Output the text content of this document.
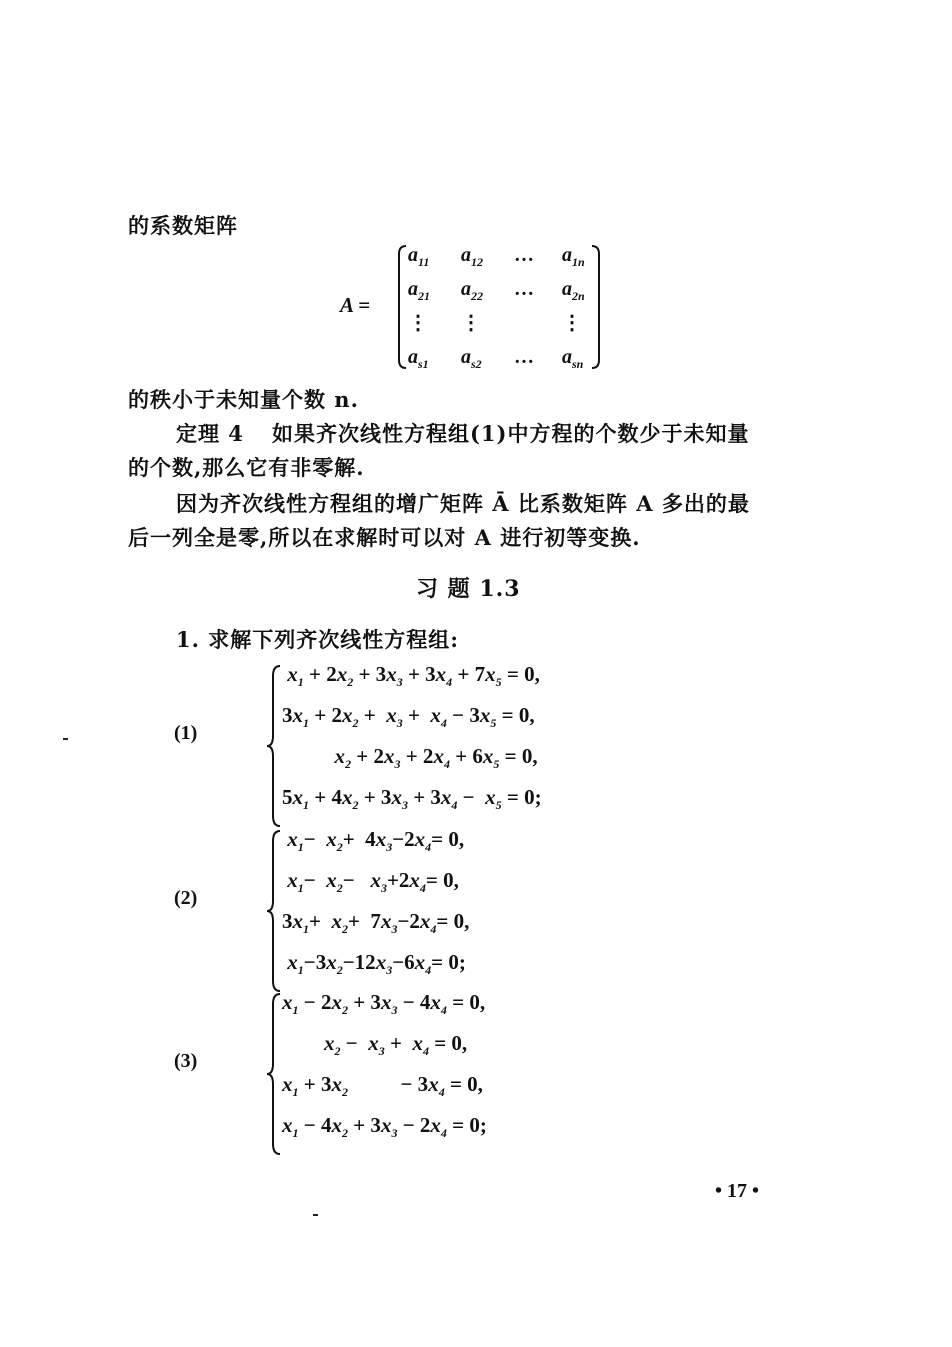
的系数矩阵
A =
$a_{11}$ $a_{12}$ … $a_{1n}$
$a_{21}$ $a_{22}$ … $a_{2n}$
⋮ ⋮	⋮
$a_{s1}$ $a_{s2}$ … $a_{sn}$
的秩小于未知量个数 n.
定理 4 如果齐次线性方程组(1)中方程的个数少于未知量
的个数,那么它有非零解.
因为齐次线性方程组的增广矩阵 Ā 比系数矩阵 A 多出的最
后一列全是零,所以在求解时可以对 A 进行初等变换.
习 题 1.3
1. 求解下列齐次线性方程组:
(1)
$x_1 + 2x_2 + 3x_3 + 3x_4 + 7x_5 = 0$,
$3x_1 + 2x_2 + x_3 + x_4 - 3x_5 = 0$,
$x_2 + 2x_3 + 2x_4 + 6x_5 = 0$,
$5x_1 + 4x_2 + 3x_3 + 3x_4 - x_5 = 0$;
(2)
$x_1- x_2+ 4x_3-2x_4= 0$,
$x_1- x_2- x_3+2x_4= 0$,
$3x_1+ x_2+ 7x_3-2x_4= 0$,
$x_1-3x_2-12x_3-6x_4= 0$;
(3)
$x_1 - 2x_2 + 3x_3 - 4x_4 = 0$,
$x_2 - x_3 + x_4 = 0$,
$x_1 + 3x_2$          − $3x_4 = 0$,
$x_1 - 4x_2 + 3x_3 - 2x_4 = 0$;
• 17 •
